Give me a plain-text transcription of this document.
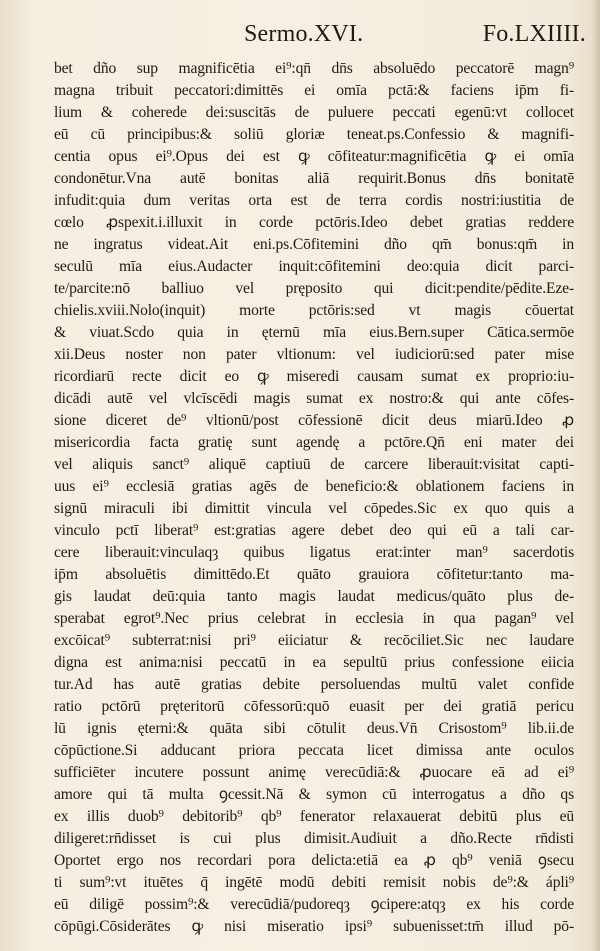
Sermo.XVI.	Fo.LXIIII.
bet dño sup magnificētia ei⁹:qn̄ dn̄s absoluēdo peccatorē magn⁹
magna tribuit peccatori:dimittēs ei omīa pctā:& faciens ip̄m fi-
lium & coherede dei:suscitās de puluere peccati egenū:vt collocet
eū cū principibus:& soliū gloriæ teneat.ps.Confessio & magnifi-
centia opus ei⁹.Opus dei est ꝙ cōfiteatur:magnificētia ꝙ ei omīa
condonētur.Vna autē bonitas aliā requirit.Bonus dn̄s bonitatē
infudit:quia dum veritas orta est de terra cordis nostri:iustitia de
cœlo ꝓspexit.i.illuxit in corde pctōris.Ideo debet gratias reddere
ne ingratus videat.Ait eni.ps.Cōfitemini dño qm̄ bonus:qm̄ in
seculū mīa eius.Audacter inquit:cōfitemini deo:quia dicit parci-
te/parcite:nō balliuo vel pręposito qui dicit:pendite/pēdite.Eze-
chielis.xviii.Nolo(inquit) morte pctōris:sed vt magis cōuertat
& viuat.Scdo quia in ęternū mīa eius.Bern.super Cātica.sermōe
xii.Deus noster non pater vltionum: vel iudiciorū:sed pater mise
ricordiarū recte dicit eo ꝙ miseredi causam sumat ex proprio:iu-
dicādi autē vel vlcīscēdi magis sumat ex nostro:& qui ante cōfes-
sione diceret de⁹ vltionū/post cōfessionē dicit deus miarū.Ideo ꝓ
misericordia facta gratię sunt agendę a pctōre.Qn̄ eni mater dei
vel aliquis sanct⁹ aliquē captiuū de carcere liberauit:visitat capti-
uus ei⁹ ecclesiā gratias agēs de beneficio:& oblationem faciens in
signū miraculi ibi dimittit vincula vel cōpedes.Sic ex quo quis a
vinculo pctī liberat⁹ est:gratias agere debet deo qui eū a tali car-
cere liberauit:vinculaqȝ quibus ligatus erat:inter man⁹ sacerdotis
ip̄m absoluētis dimittēdo.Et quāto grauiora cōfitetur:tanto ma-
gis laudat deū:quia tanto magis laudat medicus/quāto plus de-
sperabat egrot⁹.Nec prius celebrat in ecclesia in qua pagan⁹ vel
excōicat⁹ subterrat:nisi pri⁹ eiiciatur & recōciliet.Sic nec laudare
digna est anima:nisi peccatū in ea sepultū prius confessione eiicia
tur.Ad has autē gratias debite persoluendas multū valet confide
ratio pctōrū pręteritorū cōfessorū:quō euasit per dei gratiā pericu
lū ignis ęterni:& quāta sibi cōtulit deus.Vn̄ Crisostom⁹ lib.ii.de
cōpūctione.Si adducant priora peccata licet dimissa ante oculos
sufficiēter incutere possunt animę verecūdiā:& ꝓuocare eā ad ei⁹
amore qui tā multa ꝯcessit.Nā & symon cū interrogatus a dño qs
ex illis duob⁹ debitorib⁹ qb⁹ fenerator relaxauerat debitū plus eū
diligeret:rn̄disset is cui plus dimisit.Audiuit a dño.Recte rn̄disti
Oportet ergo nos recordari pora delicta:etiā ea ꝓ qb⁹ veniā ꝯsecu
ti sum⁹:vt ituētes q̄ ingētē modū debiti remisit nobis de⁹:& ápli⁹
eū diligē possim⁹:& verecūdiā/pudoreqȝ ꝯcipere:atqȝ ex his corde
cōpūgi.Cōsiderātes ꝙ nisi miseratio ipsi⁹ subuenisset:tm̄ illud pō-
